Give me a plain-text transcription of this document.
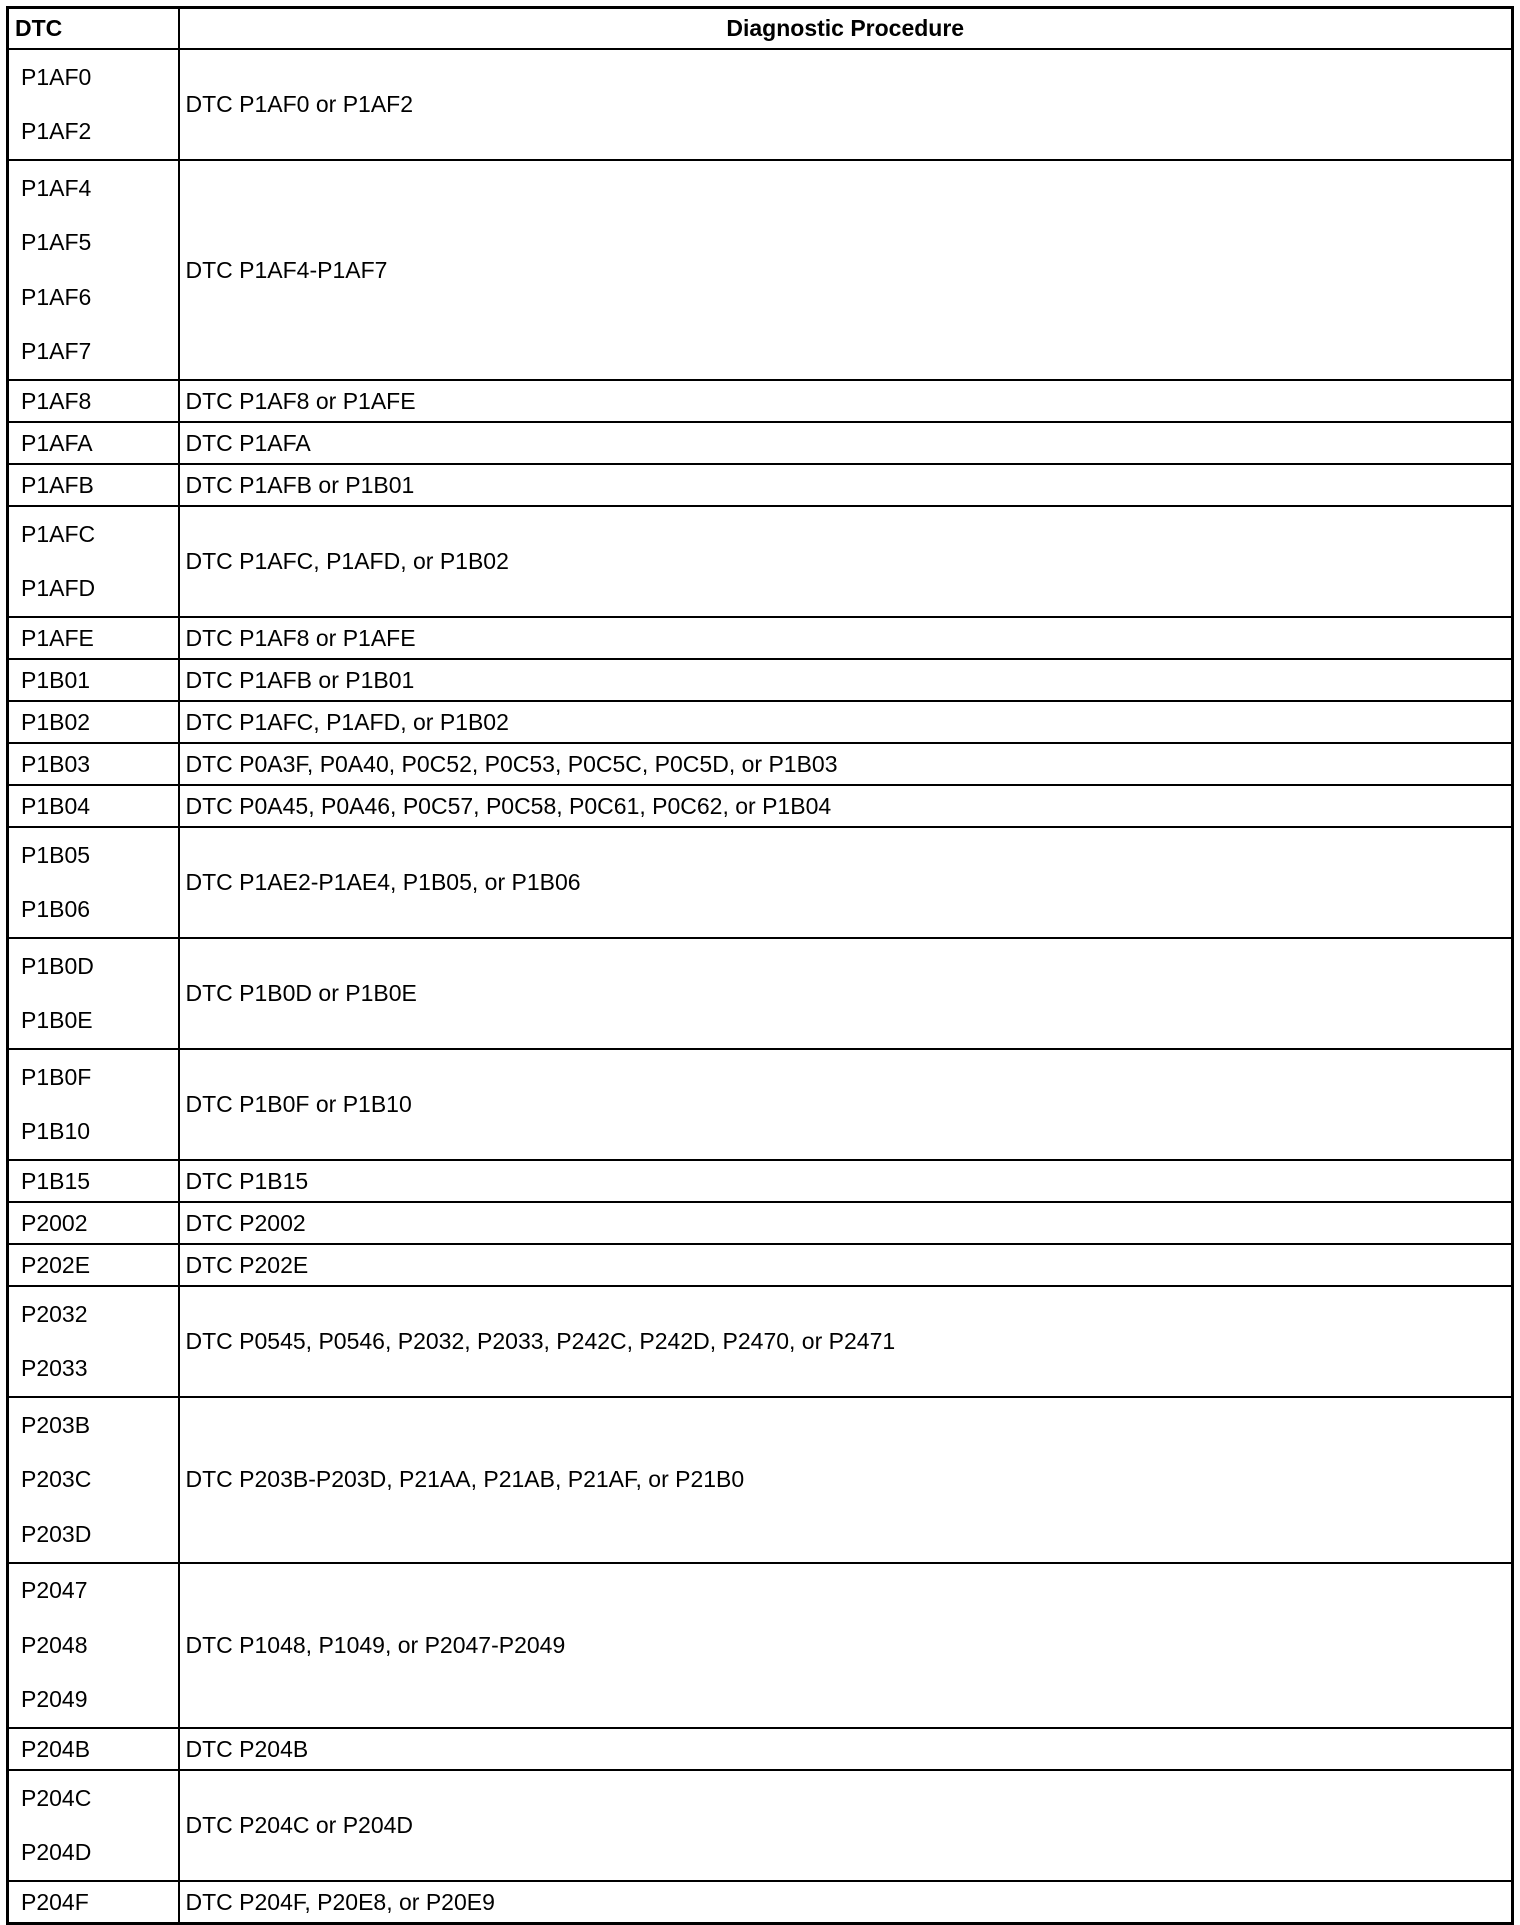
DTC	Diagnostic Procedure

P1AF0
P1AF2	DTC P1AF0 or P1AF2

P1AF4
P1AF5
P1AF6
P1AF7	DTC P1AF4-P1AF7

P1AF8	DTC P1AF8 or P1AFE

P1AFA	DTC P1AFA

P1AFB	DTC P1AFB or P1B01

P1AFC
P1AFD	DTC P1AFC, P1AFD, or P1B02

P1AFE	DTC P1AF8 or P1AFE

P1B01	DTC P1AFB or P1B01

P1B02	DTC P1AFC, P1AFD, or P1B02

P1B03	DTC P0A3F, P0A40, P0C52, P0C53, P0C5C, P0C5D, or P1B03

P1B04	DTC P0A45, P0A46, P0C57, P0C58, P0C61, P0C62, or P1B04

P1B05
P1B06	DTC P1AE2-P1AE4, P1B05, or P1B06

P1B0D
P1B0E	DTC P1B0D or P1B0E

P1B0F
P1B10	DTC P1B0F or P1B10

P1B15	DTC P1B15

P2002	DTC P2002

P202E	DTC P202E

P2032
P2033	DTC P0545, P0546, P2032, P2033, P242C, P242D, P2470, or P2471

P203B
P203C
P203D	DTC P203B-P203D, P21AA, P21AB, P21AF, or P21B0

P2047
P2048
P2049	DTC P1048, P1049, or P2047-P2049

P204B	DTC P204B

P204C
P204D	DTC P204C or P204D

P204F	DTC P204F, P20E8, or P20E9
